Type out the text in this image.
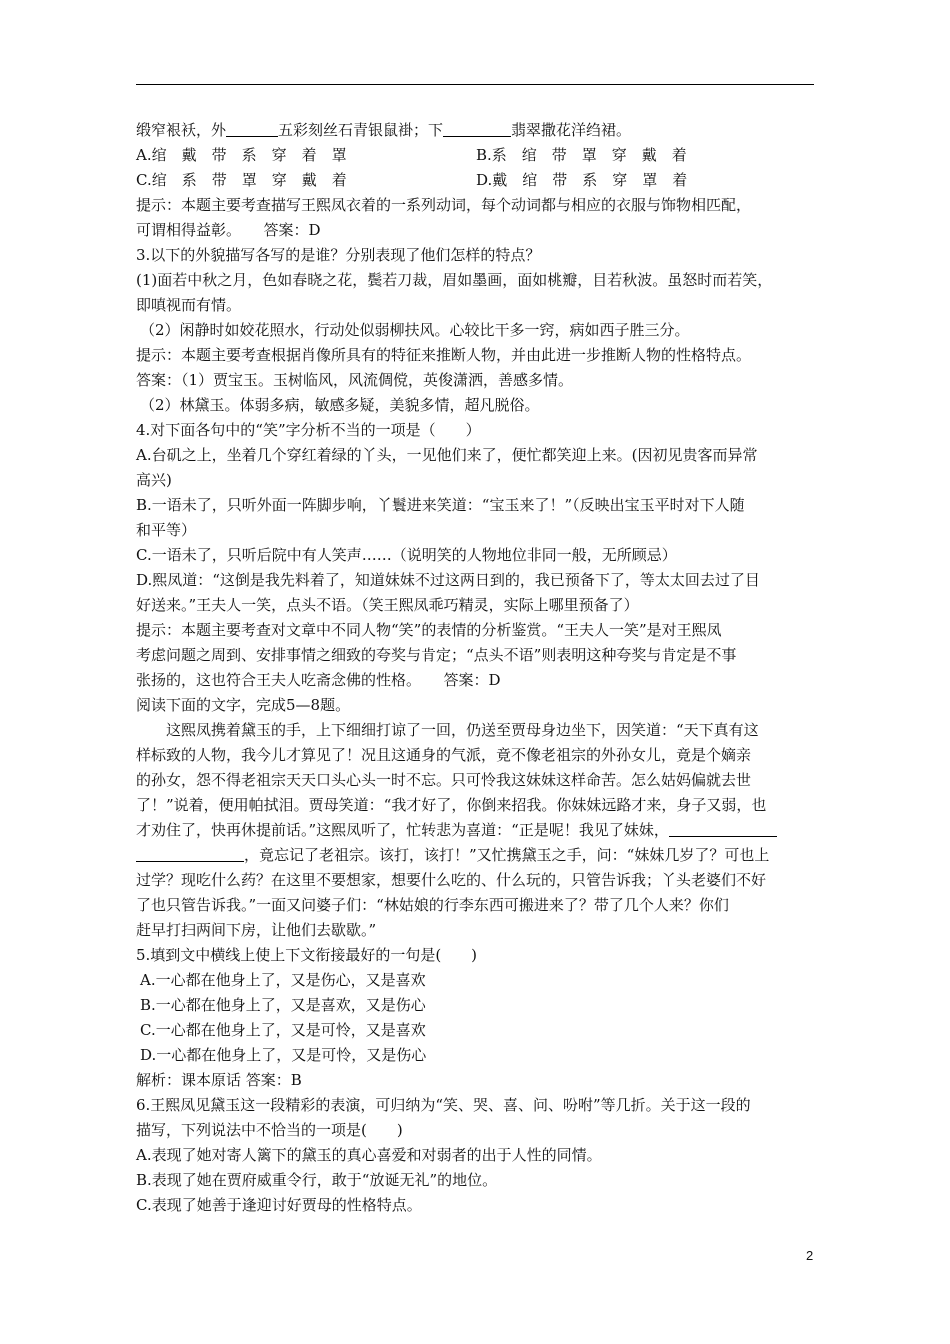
缎窄裉袄，外	五彩刻丝石青银鼠褂；下	翡翠撒花洋绉裙。
A.绾　戴　带　系　穿　着　罩	B.系　绾　带　罩　穿　戴　着
C.绾　系　带　罩　穿　戴　着	D.戴　绾　带　系　穿　罩　着
提示：本题主要考查描写王熙凤衣着的一系列动词，每个动词都与相应的衣服与饰物相匹配，
可谓相得益彰。　　答案：D
3.以下的外貌描写各写的是谁？分别表现了他们怎样的特点？
(1)面若中秋之月，色如春晓之花，鬓若刀裁，眉如墨画，面如桃瓣，目若秋波。虽怒时而若笑，
即嗔视而有情。
（2）闲静时如姣花照水，行动处似弱柳扶风。心较比干多一窍，病如西子胜三分。
提示：本题主要考查根据肖像所具有的特征来推断人物，并由此进一步推断人物的性格特点。
答案：（1）贾宝玉。玉树临风，风流倜傥，英俊潇洒，善感多情。
（2）林黛玉。体弱多病，敏感多疑，美貌多情，超凡脱俗。
4.对下面各句中的“笑”字分析不当的一项是（　　）
A.台矶之上，坐着几个穿红着绿的丫头，一见他们来了，便忙都笑迎上来。(因初见贵客而异常
高兴)
B.一语未了，只听外面一阵脚步响，丫鬟进来笑道：“宝玉来了！”（反映出宝玉平时对下人随
和平等）
C.一语未了，只听后院中有人笑声……（说明笑的人物地位非同一般，无所顾忌）
D.熙凤道：“这倒是我先料着了，知道妹妹不过这两日到的，我已预备下了，等太太回去过了目
好送来。”王夫人一笑，点头不语。（笑王熙凤乖巧精灵，实际上哪里预备了）
提示：本题主要考查对文章中不同人物“笑”的表情的分析鉴赏。“王夫人一笑”是对王熙凤
考虑问题之周到、安排事情之细致的夸奖与肯定；“点头不语”则表明这种夸奖与肯定是不事
张扬的，这也符合王夫人吃斋念佛的性格。　　答案：D
阅读下面的文字，完成5—8题。
这熙凤携着黛玉的手，上下细细打谅了一回，仍送至贾母身边坐下，因笑道：“天下真有这
样标致的人物，我今儿才算见了！况且这通身的气派，竟不像老祖宗的外孙女儿，竟是个嫡亲
的孙女，怨不得老祖宗天天口头心头一时不忘。只可怜我这妹妹这样命苦。怎么姑妈偏就去世
了！”说着，便用帕拭泪。贾母笑道：“我才好了，你倒来招我。你妹妹远路才来，身子又弱，也
才劝住了，快再休提前话。”这熙凤听了，忙转悲为喜道：“正是呢！我见了妹妹，
，竟忘记了老祖宗。该打，该打！”又忙携黛玉之手，问：“妹妹几岁了？可也上
过学？现吃什么药？在这里不要想家，想要什么吃的、什么玩的，只管告诉我；丫头老婆们不好
了也只管告诉我。”一面又问婆子们：“林姑娘的行李东西可搬进来了？带了几个人来？你们
赶早打扫两间下房，让他们去歇歇。”
5.填到文中横线上使上下文衔接最好的一句是(　　)
A.一心都在他身上了，又是伤心，又是喜欢
B.一心都在他身上了，又是喜欢，又是伤心
C.一心都在他身上了，又是可怜，又是喜欢
D.一心都在他身上了，又是可怜，又是伤心
解析：课本原话 答案：B
6.王熙凤见黛玉这一段精彩的表演，可归纳为“笑、哭、喜、问、吩咐”等几折。关于这一段的
描写，下列说法中不恰当的一项是(　　)
A.表现了她对寄人篱下的黛玉的真心喜爱和对弱者的出于人性的同情。
B.表现了她在贾府威重令行，敢于“放诞无礼”的地位。
C.表现了她善于逢迎讨好贾母的性格特点。
2
